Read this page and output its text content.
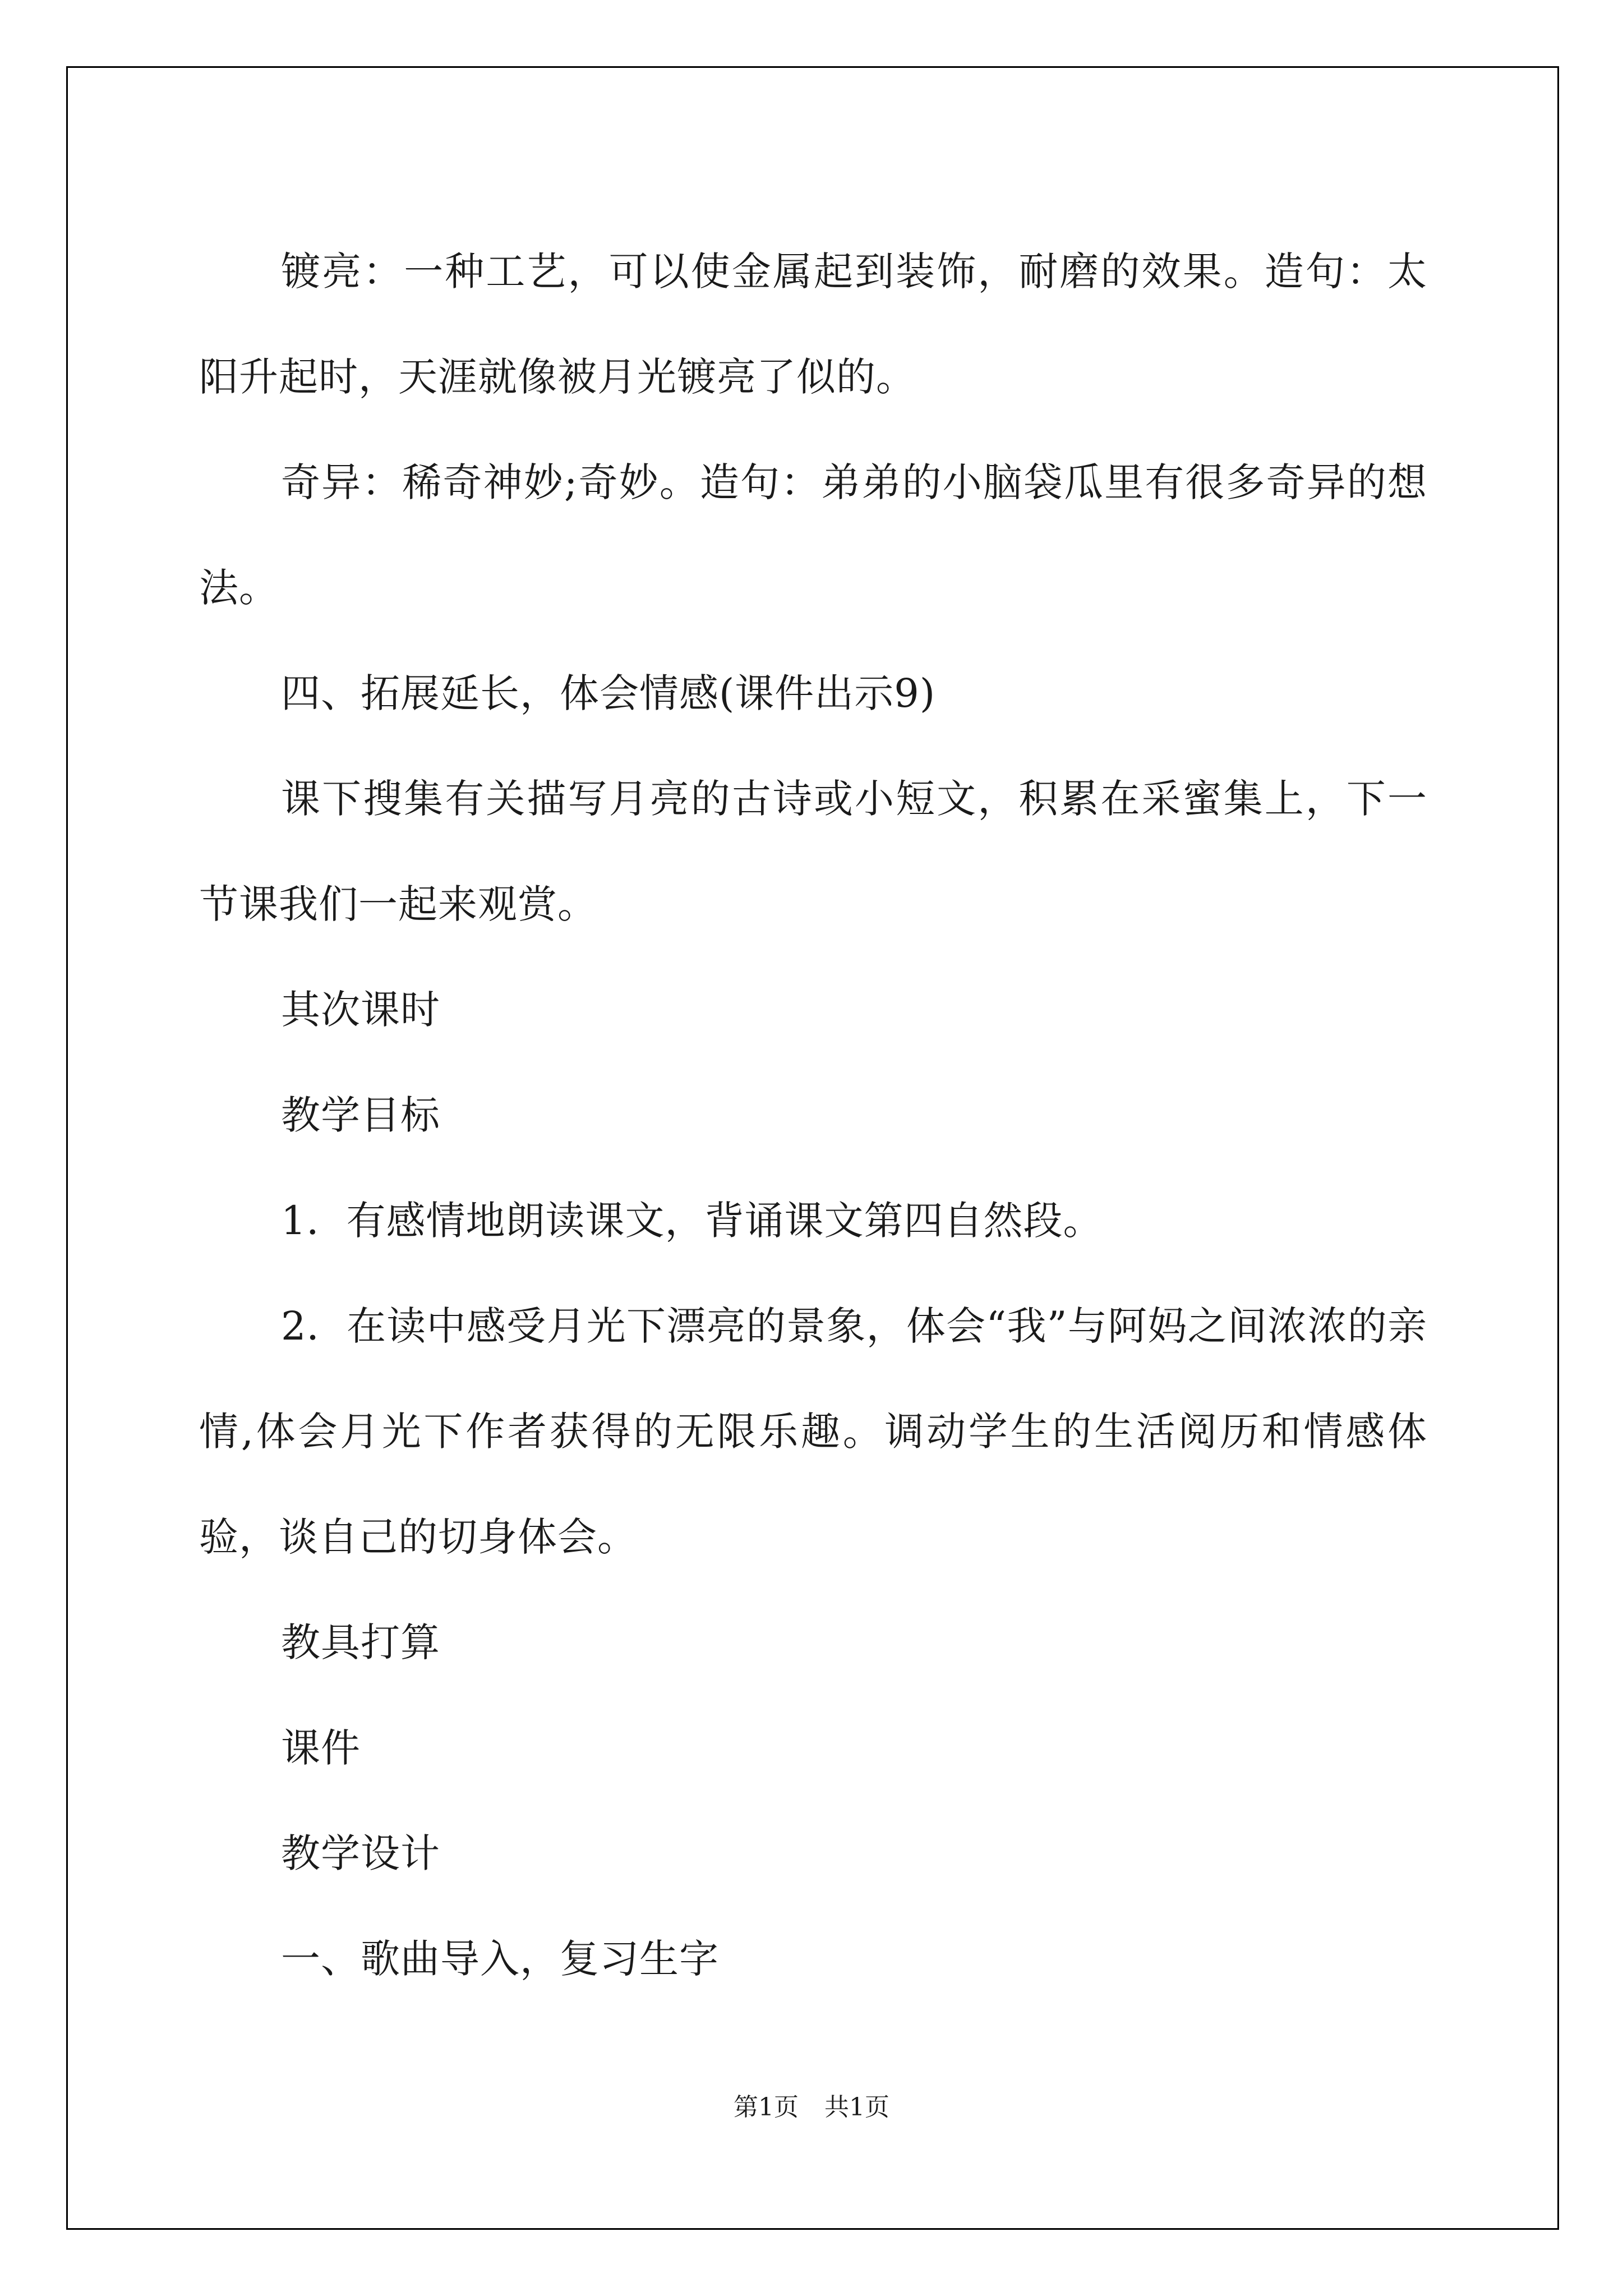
镀亮：一种工艺，可以使金属起到装饰，耐磨的效果。造句：太阳升起时，天涯就像被月光镀亮了似的。

奇异：稀奇神妙;奇妙。造句：弟弟的小脑袋瓜里有很多奇异的想法。

四、拓展延长，体会情感(课件出示9)

课下搜集有关描写月亮的古诗或小短文，积累在采蜜集上，下一节课我们一起来观赏。

其次课时

教学目标

1．有感情地朗读课文，背诵课文第四自然段。

2．在读中感受月光下漂亮的景象，体会“我”与阿妈之间浓浓的亲情,体会月光下作者获得的无限乐趣。调动学生的生活阅历和情感体验，谈自己的切身体会。

教具打算

课件

教学设计

一、歌曲导入，复习生字

第1页 共1页
